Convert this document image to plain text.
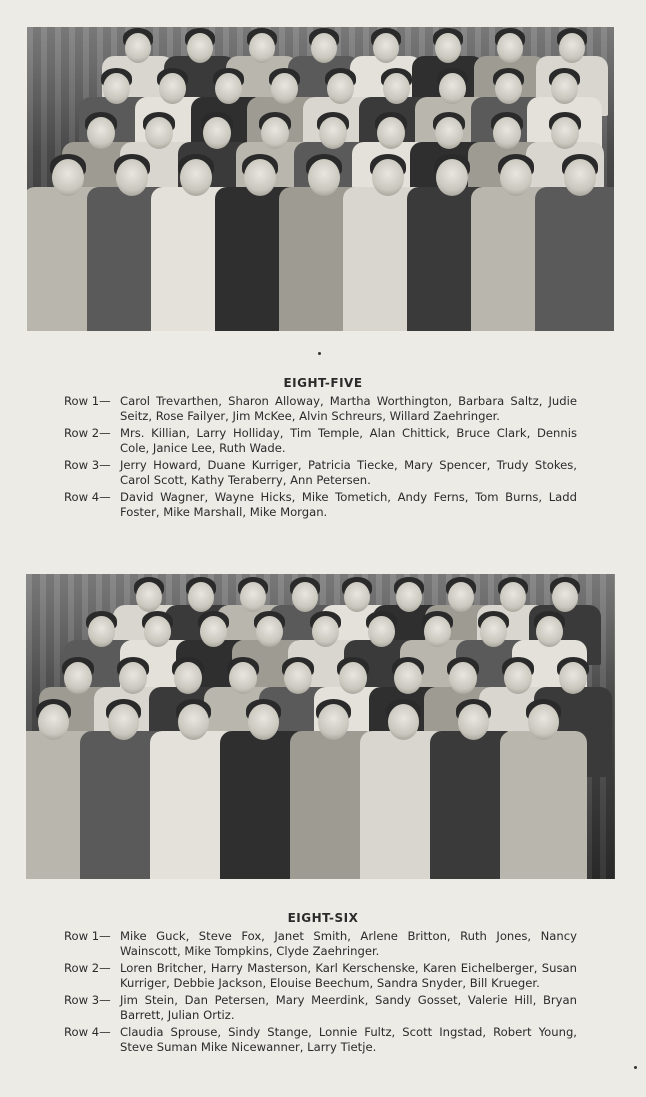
EIGHT-FIVE
Row 1— Carol Trevarthen, Sharon Alloway, Martha Worthington, Barbara Saltz, Judie Seitz, Rose Failyer, Jim McKee, Alvin Schreurs, Willard Zaehringer.
Row 2— Mrs. Killian, Larry Holliday, Tim Temple, Alan Chittick, Bruce Clark, Dennis Cole, Janice Lee, Ruth Wade.
Row 3— Jerry Howard, Duane Kurriger, Patricia Tiecke, Mary Spencer, Trudy Stokes, Carol Scott, Kathy Teraberry, Ann Petersen.
Row 4— David Wagner, Wayne Hicks, Mike Tometich, Andy Ferns, Tom Burns, Ladd Foster, Mike Marshall, Mike Morgan.
EIGHT-SIX
Row 1— Mike Guck, Steve Fox, Janet Smith, Arlene Britton, Ruth Jones, Nancy Wainscott, Mike Tompkins, Clyde Zaehringer.
Row 2— Loren Britcher, Harry Masterson, Karl Kerschenske, Karen Eichelberger, Susan Kurriger, Debbie Jackson, Elouise Beechum, Sandra Snyder, Bill Krueger.
Row 3— Jim Stein, Dan Petersen, Mary Meerdink, Sandy Gosset, Valerie Hill, Bryan Barrett, Julian Ortiz.
Row 4— Claudia Sprouse, Sindy Stange, Lonnie Fultz, Scott Ingstad, Robert Young, Steve Suman Mike Nicewanner, Larry Tietje.
